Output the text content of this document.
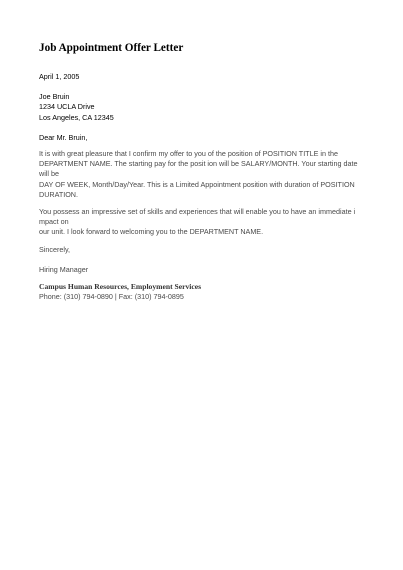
Job Appointment Offer Letter
April 1, 2005
Joe Bruin
1234 UCLA Drive
Los Angeles, CA 12345
Dear Mr. Bruin,
It is with great pleasure that I confirm my offer to you of the position of POSITION TITLE in the
DEPARTMENT NAME. The starting pay for the posit ion will be SALARY/MONTH. Your starting date will be
DAY OF WEEK, Month/Day/Year. This is a Limited Appointment position with duration of POSITION
DURATION.
You possess an impressive set of skills and experiences that will enable you to have an immediate i mpact on
our unit. I look forward to welcoming you to the DEPARTMENT NAME.
Sincerely,
Hiring Manager
Campus Human Resources, Employment Services
Phone: (310) 794-0890 | Fax: (310) 794-0895
